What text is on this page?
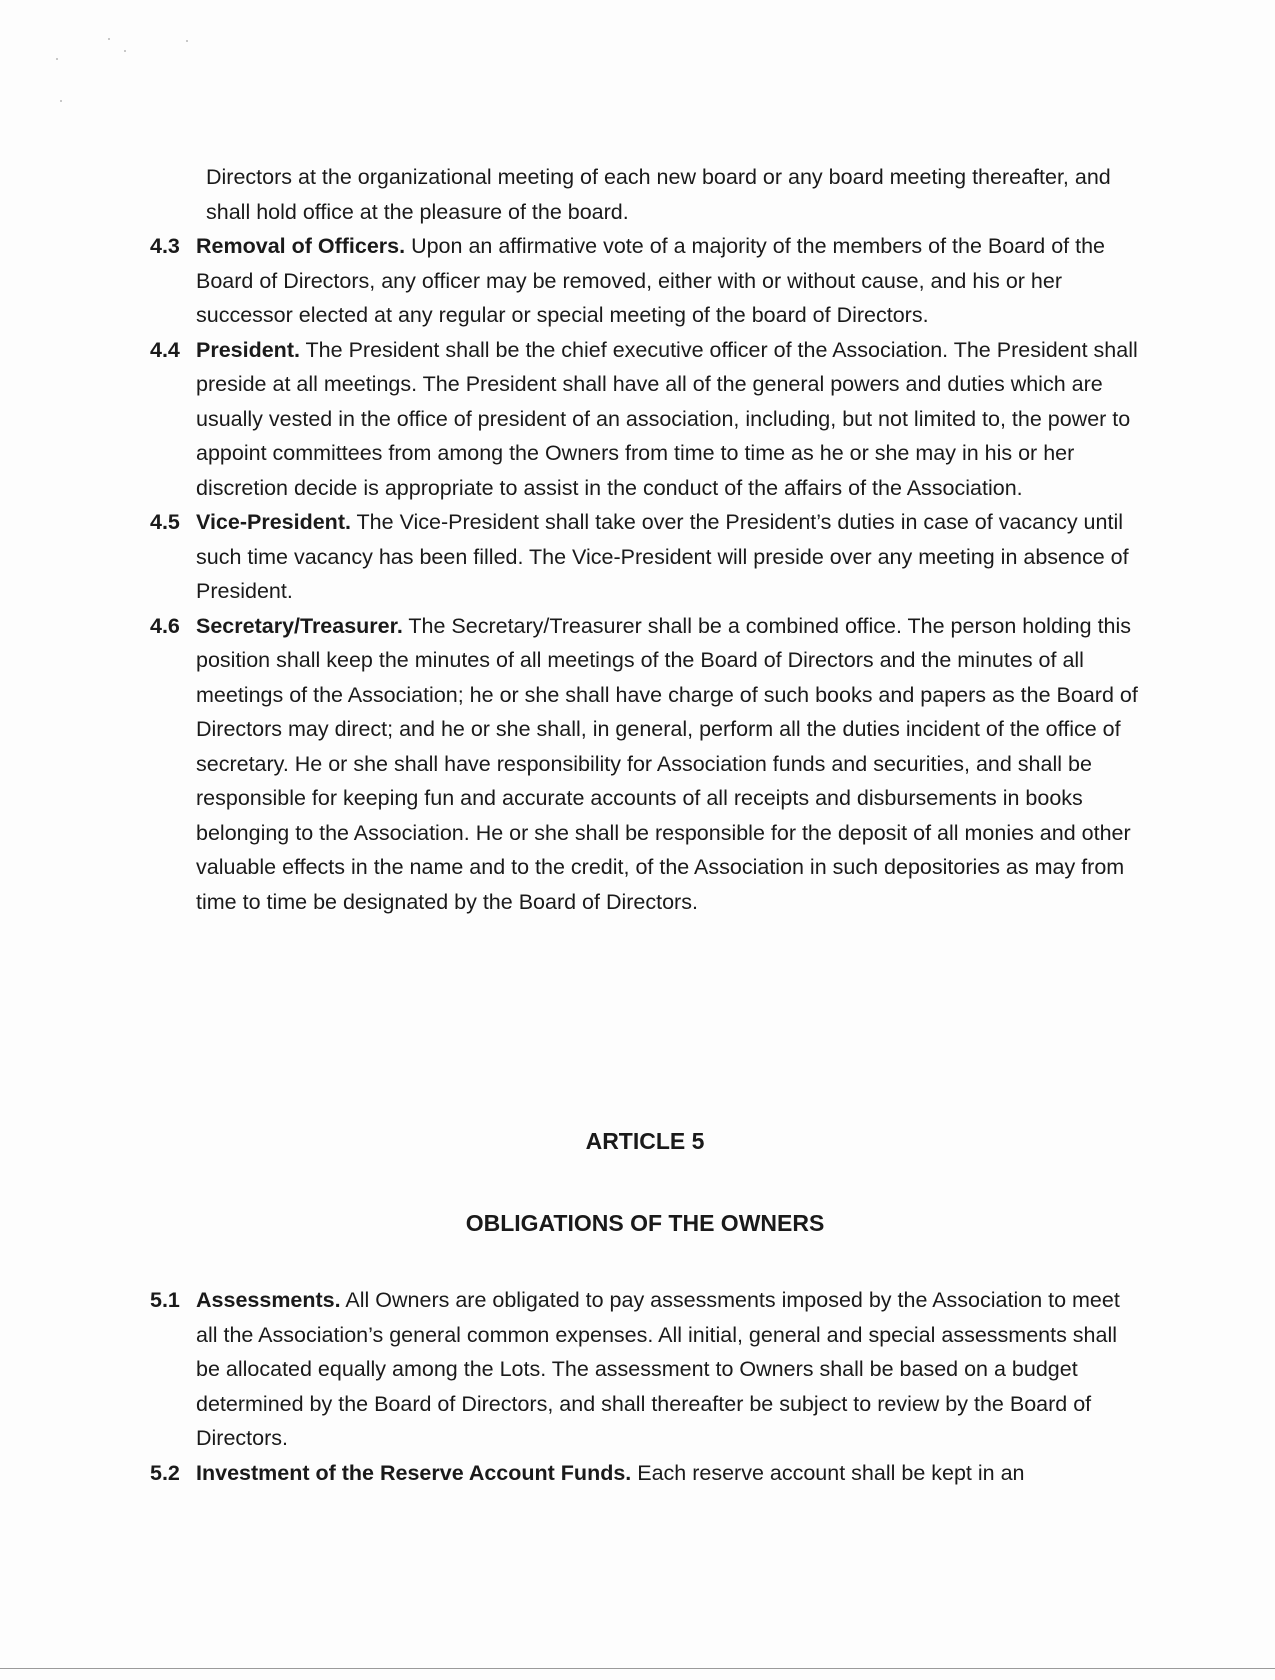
Directors at the organizational meeting of each new board or any board meeting thereafter, and shall hold office at the pleasure of the board.

4.3 Removal of Officers. Upon an affirmative vote of a majority of the members of the Board of the Board of Directors, any officer may be removed, either with or without cause, and his or her successor elected at any regular or special meeting of the board of Directors.
4.4 President. The President shall be the chief executive officer of the Association. The President shall preside at all meetings. The President shall have all of the general powers and duties which are usually vested in the office of president of an association, including, but not limited to, the power to appoint committees from among the Owners from time to time as he or she may in his or her discretion decide is appropriate to assist in the conduct of the affairs of the Association.
4.5 Vice-President. The Vice-President shall take over the President’s duties in case of vacancy until such time vacancy has been filled. The Vice-President will preside over any meeting in absence of President.
4.6 Secretary/Treasurer. The Secretary/Treasurer shall be a combined office. The person holding this position shall keep the minutes of all meetings of the Board of Directors and the minutes of all meetings of the Association; he or she shall have charge of such books and papers as the Board of Directors may direct; and he or she shall, in general, perform all the duties incident of the office of secretary. He or she shall have responsibility for Association funds and securities, and shall be responsible for keeping fun and accurate accounts of all receipts and disbursements in books belonging to the Association. He or she shall be responsible for the deposit of all monies and other valuable effects in the name and to the credit, of the Association in such depositories as may from time to time be designated by the Board of Directors.
ARTICLE 5
OBLIGATIONS OF THE OWNERS
5.1 Assessments. All Owners are obligated to pay assessments imposed by the Association to meet all the Association’s general common expenses. All initial, general and special assessments shall be allocated equally among the Lots. The assessment to Owners shall be based on a budget determined by the Board of Directors, and shall thereafter be subject to review by the Board of Directors.
5.2 Investment of the Reserve Account Funds. Each reserve account shall be kept in an
